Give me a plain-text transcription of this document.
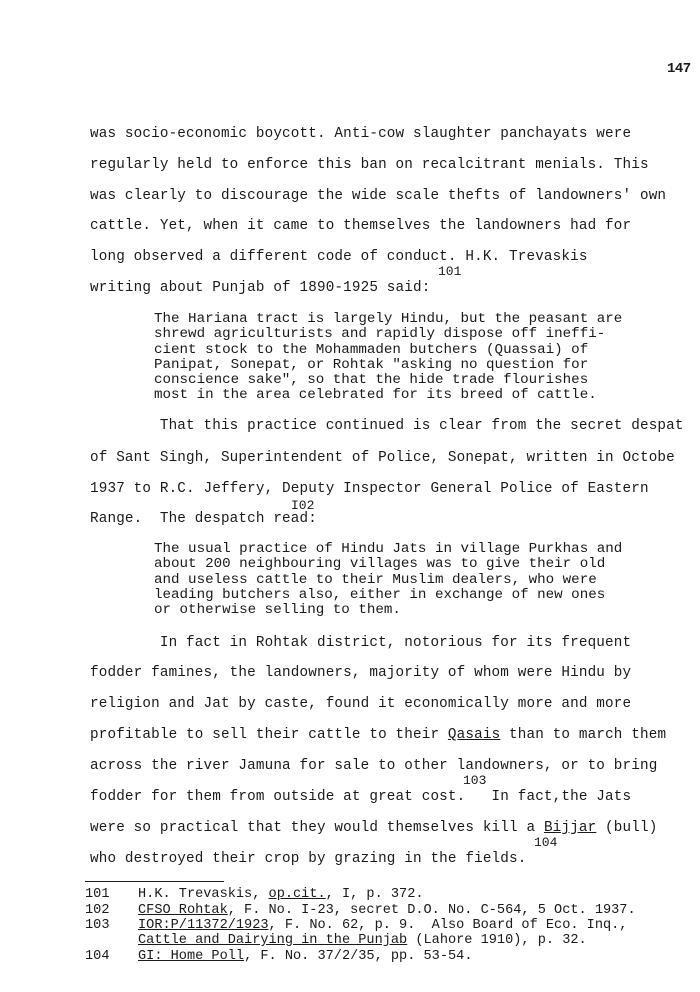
147
was socio-economic boycott. Anti-cow slaughter panchayats were
regularly held to enforce this ban on recalcitrant menials. This
was clearly to discourage the wide scale thefts of landowners' own
cattle. Yet, when it came to themselves the landowners had for
long observed a different code of conduct. H.K. Trevaskis
101
writing about Punjab of 1890-1925 said:
The Hariana tract is largely Hindu, but the peasant are
shrewd agriculturists and rapidly dispose off ineffi-
cient stock to the Mohammaden butchers (Quassai) of
Panipat, Sonepat, or Rohtak "asking no question for
conscience sake", so that the hide trade flourishes
most in the area celebrated for its breed of cattle.
That this practice continued is clear from the secret despat
of Sant Singh, Superintendent of Police, Sonepat, written in Octobe
1937 to R.C. Jeffery, Deputy Inspector General Police of Eastern
I02
Range.  The despatch read:
The usual practice of Hindu Jats in village Purkhas and
about 200 neighbouring villages was to give their old
and useless cattle to their Muslim dealers, who were
leading butchers also, either in exchange of new ones
or otherwise selling to them.
In fact in Rohtak district, notorious for its frequent
fodder famines, the landowners, majority of whom were Hindu by
religion and Jat by caste, found it economically more and more
profitable to sell their cattle to their Qasais than to march them
across the river Jamuna for sale to other landowners, or to bring
103
fodder for them from outside at great cost.   In fact,the Jats
were so practical that they would themselves kill a Bijjar (bull)
104
who destroyed their crop by grazing in the fields.
101 H.K. Trevaskis, op.cit., I, p. 372.
102 CFSO Rohtak, F. No. I-23, secret D.O. No. C-564, 5 Oct. 1937.
103 IOR:P/11372/1923, F. No. 62, p. 9.  Also Board of Eco. Inq.,
Cattle and Dairying in the Punjab (Lahore 1910), p. 32.
104 GI: Home Poll, F. No. 37/2/35, pp. 53-54.
